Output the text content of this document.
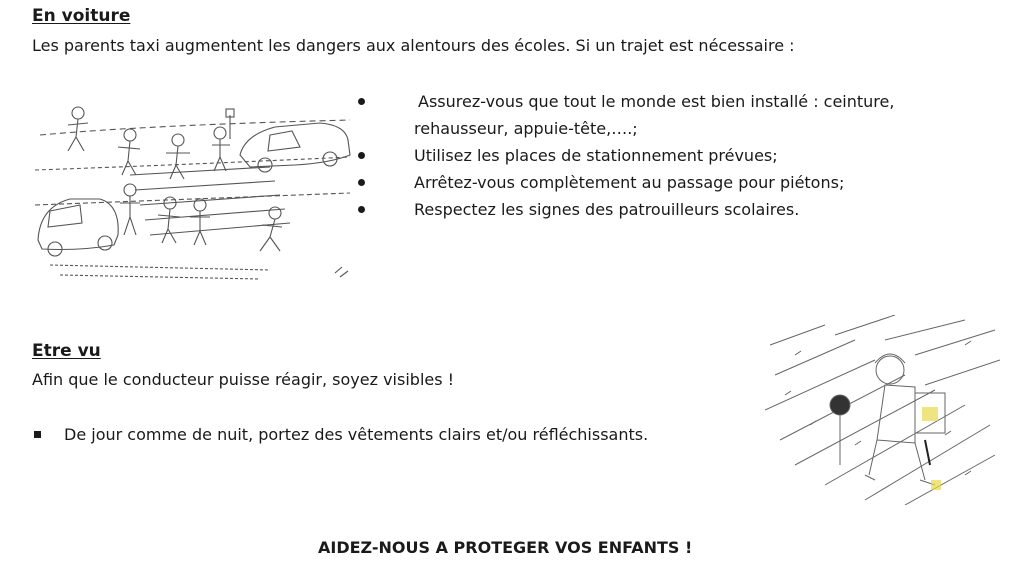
En voiture
Les parents taxi augmentent les dangers aux alentours des écoles. Si un trajet est nécessaire :
Assurez-vous que tout le monde est bien installé : ceinture,
rehausseur, appuie-tête,….;
Utilisez les places de stationnement prévues;
Arrêtez-vous complètement au passage pour piétons;
Respectez les signes des patrouilleurs scolaires.
Etre vu
Afin que le conducteur puisse réagir, soyez visibles !
De jour comme de nuit, portez des vêtements clairs et/ou réfléchissants.
AIDEZ-NOUS A PROTEGER VOS ENFANTS !
